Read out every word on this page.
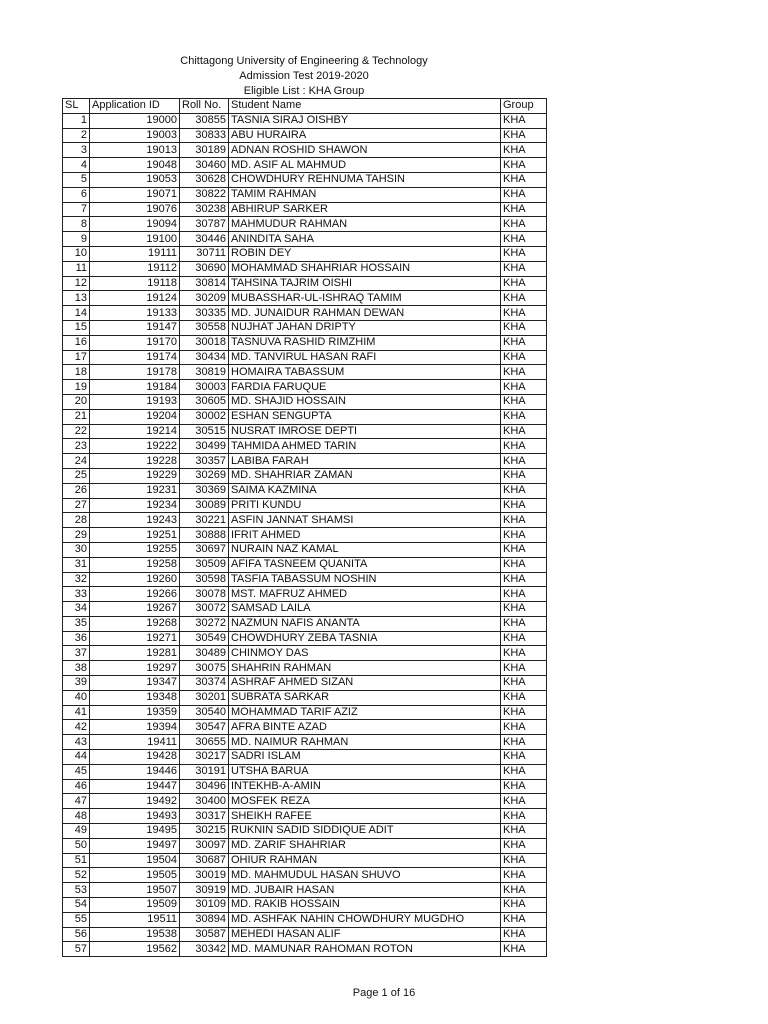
Chittagong University of Engineering & Technology
Admission Test 2019-2020
Eligible List : KHA Group
SL	Application ID	Roll No.	Student Name	Group
1	19000	30855	TASNIA SIRAJ OISHBY	KHA
2	19003	30833	ABU HURAIRA	KHA
3	19013	30189	ADNAN ROSHID SHAWON	KHA
4	19048	30460	MD. ASIF AL MAHMUD	KHA
5	19053	30628	CHOWDHURY REHNUMA TAHSIN	KHA
6	19071	30822	TAMIM RAHMAN	KHA
7	19076	30238	ABHIRUP SARKER	KHA
8	19094	30787	MAHMUDUR RAHMAN	KHA
9	19100	30446	ANINDITA SAHA	KHA
10	19111	30711	ROBIN DEY	KHA
11	19112	30690	MOHAMMAD SHAHRIAR HOSSAIN	KHA
12	19118	30814	TAHSINA TAJRIM OISHI	KHA
13	19124	30209	MUBASSHAR-UL-ISHRAQ TAMIM	KHA
14	19133	30335	MD. JUNAIDUR RAHMAN DEWAN	KHA
15	19147	30558	NUJHAT JAHAN DRIPTY	KHA
16	19170	30018	TASNUVA RASHID RIMZHIM	KHA
17	19174	30434	MD. TANVIRUL HASAN RAFI	KHA
18	19178	30819	HOMAIRA TABASSUM	KHA
19	19184	30003	FARDIA FARUQUE	KHA
20	19193	30605	MD. SHAJID HOSSAIN	KHA
21	19204	30002	ESHAN SENGUPTA	KHA
22	19214	30515	NUSRAT IMROSE DEPTI	KHA
23	19222	30499	TAHMIDA AHMED TARIN	KHA
24	19228	30357	LABIBA FARAH	KHA
25	19229	30269	MD. SHAHRIAR ZAMAN	KHA
26	19231	30369	SAIMA KAZMINA	KHA
27	19234	30089	PRITI KUNDU	KHA
28	19243	30221	ASFIN JANNAT SHAMSI	KHA
29	19251	30888	IFRIT AHMED	KHA
30	19255	30697	NURAIN NAZ KAMAL	KHA
31	19258	30509	AFIFA TASNEEM QUANITA	KHA
32	19260	30598	TASFIA TABASSUM NOSHIN	KHA
33	19266	30078	MST. MAFRUZ AHMED	KHA
34	19267	30072	SAMSAD LAILA	KHA
35	19268	30272	NAZMUN NAFIS ANANTA	KHA
36	19271	30549	CHOWDHURY ZEBA TASNIA	KHA
37	19281	30489	CHINMOY DAS	KHA
38	19297	30075	SHAHRIN RAHMAN	KHA
39	19347	30374	ASHRAF AHMED SIZAN	KHA
40	19348	30201	SUBRATA SARKAR	KHA
41	19359	30540	MOHAMMAD TARIF AZIZ	KHA
42	19394	30547	AFRA BINTE AZAD	KHA
43	19411	30655	MD. NAIMUR RAHMAN	KHA
44	19428	30217	SADRI ISLAM	KHA
45	19446	30191	UTSHA BARUA	KHA
46	19447	30496	INTEKHB-A-AMIN	KHA
47	19492	30400	MOSFEK REZA	KHA
48	19493	30317	SHEIKH RAFEE	KHA
49	19495	30215	RUKNIN SADID SIDDIQUE ADIT	KHA
50	19497	30097	MD. ZARIF SHAHRIAR	KHA
51	19504	30687	OHIUR RAHMAN	KHA
52	19505	30019	MD. MAHMUDUL HASAN SHUVO	KHA
53	19507	30919	MD. JUBAIR HASAN	KHA
54	19509	30109	MD. RAKIB HOSSAIN	KHA
55	19511	30894	MD. ASHFAK NAHIN CHOWDHURY MUGDHO	KHA
56	19538	30587	MEHEDI HASAN ALIF	KHA
57	19562	30342	MD. MAMUNAR RAHOMAN ROTON	KHA
Page 1 of 16
